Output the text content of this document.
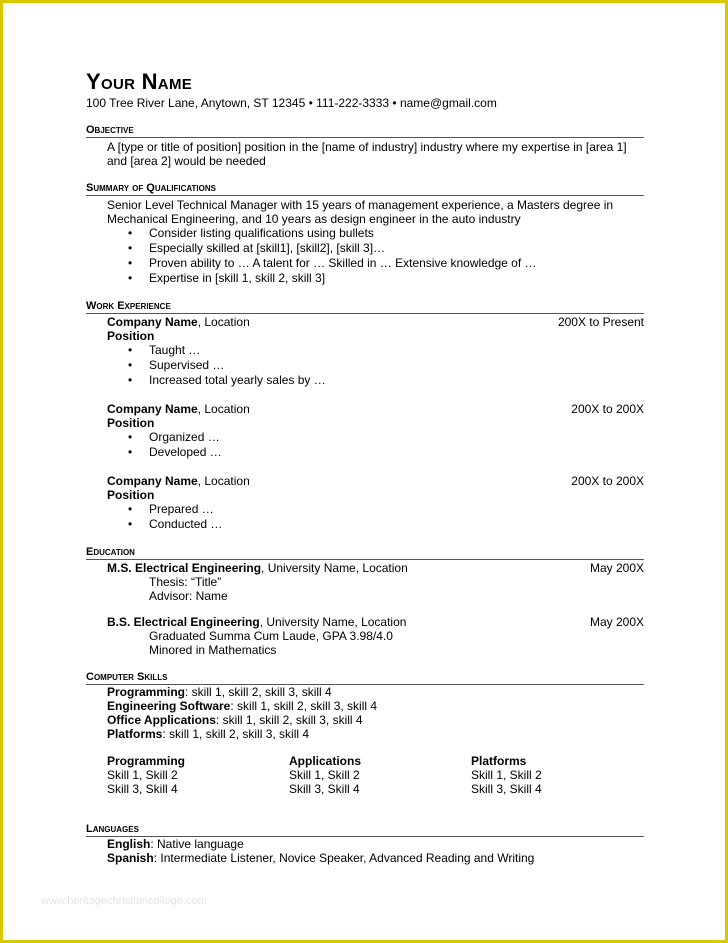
Your Name
100 Tree River Lane, Anytown, ST 12345 • 111-222-3333 • name@gmail.com
Objective
A [type or title of position] position in the [name of industry] industry where my expertise in [area 1] and [area 2] would be needed
Summary of Qualifications
Senior Level Technical Manager with 15 years of management experience, a Masters degree in Mechanical Engineering, and 10 years as design engineer in the auto industry
• Consider listing qualifications using bullets
• Especially skilled at [skill1], [skill2], [skill 3]…
• Proven ability to … A talent for … Skilled in … Extensive knowledge of …
• Expertise in [skill 1, skill 2, skill 3]
Work Experience
Company Name, Location	200X to Present
Position
• Taught …
• Supervised …
• Increased total yearly sales by …
Company Name, Location	200X to 200X
Position
• Organized …
• Developed …
Company Name, Location	200X to 200X
Position
• Prepared …
• Conducted …
Education
M.S. Electrical Engineering, University Name, Location	May 200X
Thesis: “Title”
Advisor: Name
B.S. Electrical Engineering, University Name, Location	May 200X
Graduated Summa Cum Laude, GPA 3.98/4.0
Minored in Mathematics
Computer Skills
Programming: skill 1, skill 2, skill 3, skill 4
Engineering Software: skill 1, skill 2, skill 3, skill 4
Office Applications: skill 1, skill 2, skill 3, skill 4
Platforms: skill 1, skill 2, skill 3, skill 4
Programming	Applications	Platforms
Skill 1, Skill 2	Skill 1, Skill 2	Skill 1, Skill 2
Skill 3, Skill 4	Skill 3, Skill 4	Skill 3, Skill 4
Languages
English: Native language
Spanish: Intermediate Listener, Novice Speaker, Advanced Reading and Writing
www.heritagechristiancollege.com
